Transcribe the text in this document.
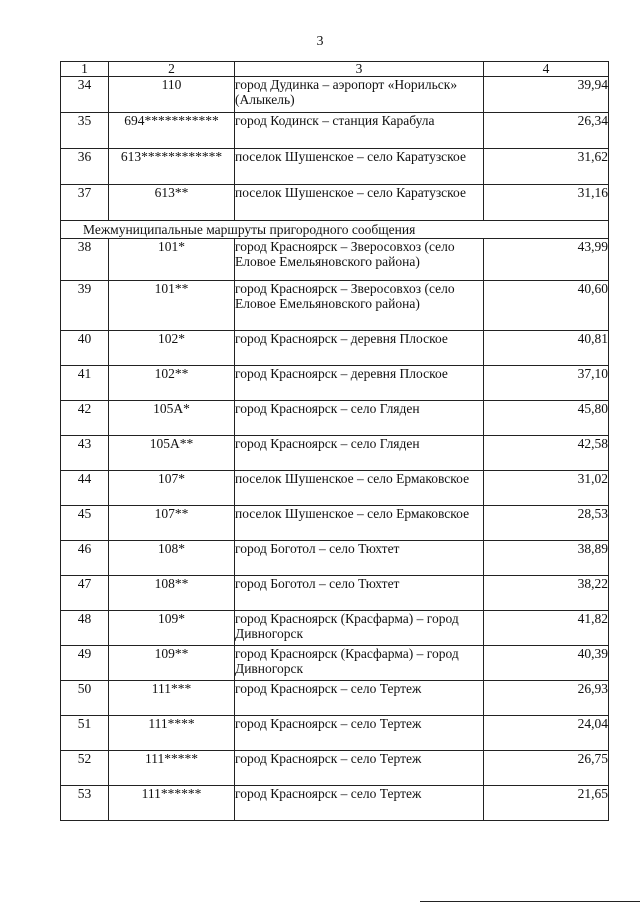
3
1	2	3	4
34	110	город Дудинка – аэропорт «Норильск» (Алыкель)	39,94
35	694***********	город Кодинск – станция Карабула	26,34
36	613************	поселок Шушенское – село Каратузское	31,62
37	613**	поселок Шушенское – село Каратузское	31,16
Межмуниципальные маршруты пригородного сообщения			
38	101*	город Красноярск – Зверосовхоз (село Еловое Емельяновского района)	43,99
39	101**	город Красноярск – Зверосовхоз (село Еловое Емельяновского района)	40,60
40	102*	город Красноярск – деревня Плоское	40,81
41	102**	город Красноярск – деревня Плоское	37,10
42	105А*	город Красноярск – село Гляден	45,80
43	105А**	город Красноярск – село Гляден	42,58
44	107*	поселок Шушенское – село Ермаковское	31,02
45	107**	поселок Шушенское – село Ермаковское	28,53
46	108*	город Боготол – село Тюхтет	38,89
47	108**	город Боготол – село Тюхтет	38,22
48	109*	город Красноярск (Красфарма) – город Дивногорск	41,82
49	109**	город Красноярск (Красфарма) – город Дивногорск	40,39
50	111***	город Красноярск – село Тертеж	26,93
51	111****	город Красноярск – село Тертеж	24,04
52	111*****	город Красноярск – село Тертеж	26,75
53	111******	город Красноярск – село Тертеж	21,65
